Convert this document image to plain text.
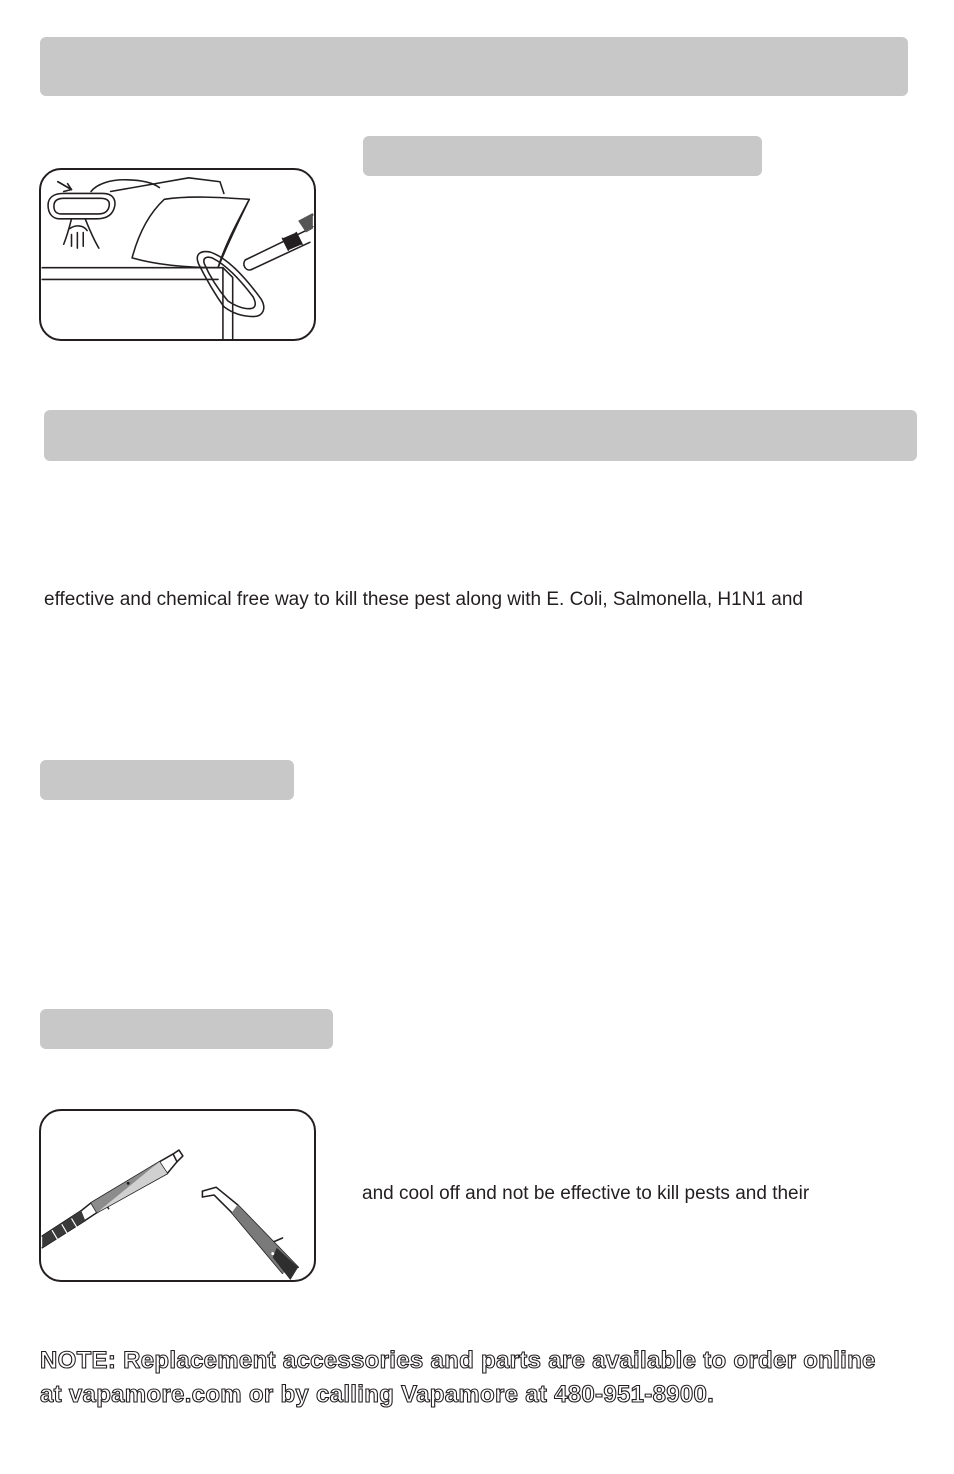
effective and chemical free way to kill these pest along with E. Coli, Salmonella, H1N1 and
and cool off and not be effective to kill pests and their
NOTE: Replacement accessories and parts are available to order online
at vapamore.com or by calling Vapamore at 480-951-8900.
